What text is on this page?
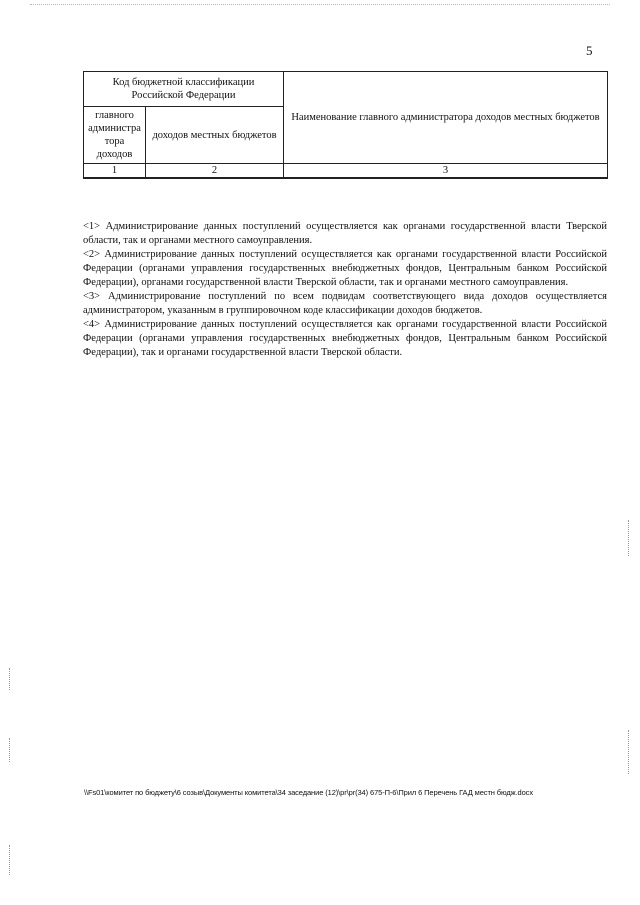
5
Код бюджетной классификации Российской Федерации		Наименование главного администратора доходов местных бюджетов
главного администра тора доходов	доходов местных бюджетов	
1	2	3

<1> Администрирование данных поступлений осуществляется как органами государственной власти Тверской области, так и органами местного самоуправления.

<2> Администрирование данных поступлений осуществляется как органами государственной власти Российской Федерации (органами управления государственных внебюджетных фондов, Центральным банком Российской Федерации), органами государственной власти Тверской области, так и органами местного самоуправления.

<3> Администрирование поступлений по всем подвидам соответствующего вида доходов осуществляется администратором, указанным в группировочном коде классификации доходов бюджетов.

<4> Администрирование данных поступлений осуществляется как органами государственной власти Российской Федерации (органами управления государственных внебюджетных фондов, Центральным банком Российской Федерации), так и органами государственной власти Тверской области.

\\Fs01\комитет по бюджету\6 созыв\Документы комитета\34 заседание (12)\pr\pr(34) 675-П-6\Прил 6 Перечень ГАД местн бюдж.docx
